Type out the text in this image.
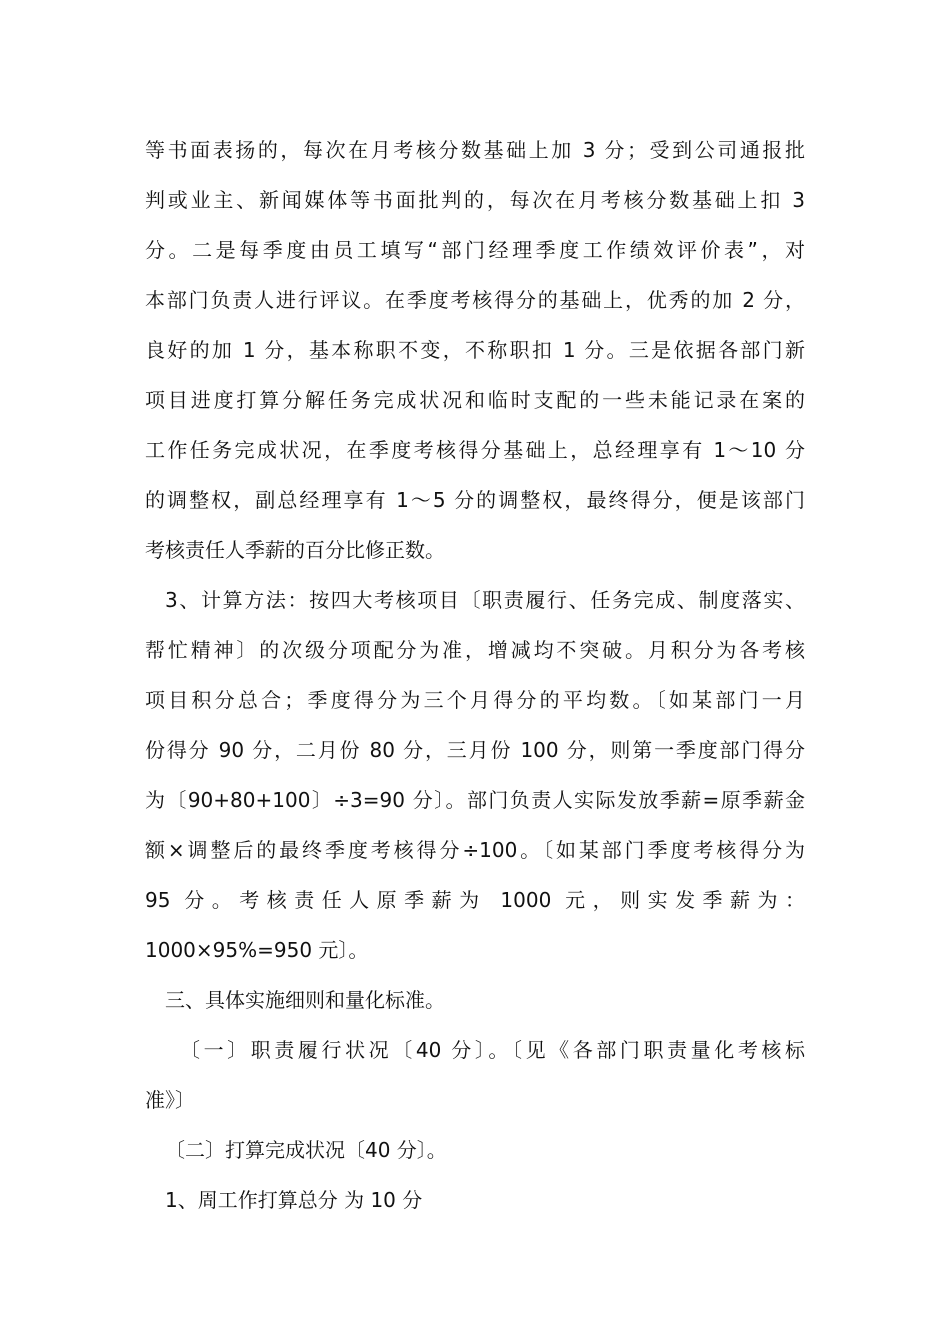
等书面表扬的，每次在月考核分数基础上加 3 分；受到公司通报批
判或业主、新闻媒体等书面批判的，每次在月考核分数基础上扣 3
分。二是每季度由员工填写“部门经理季度工作绩效评价表”，对
本部门负责人进行评议。在季度考核得分的基础上，优秀的加 2 分，
良好的加 1 分，基本称职不变，不称职扣 1 分。三是依据各部门新
项目进度打算分解任务完成状况和临时支配的一些未能记录在案的
工作任务完成状况，在季度考核得分基础上，总经理享有 1～10 分
的调整权，副总经理享有 1～5 分的调整权，最终得分，便是该部门
考核责任人季薪的百分比修正数。
3、计算方法：按四大考核项目〔职责履行、任务完成、制度落实、
帮忙精神〕的次级分项配分为准，增减均不突破。月积分为各考核
项目积分总合；季度得分为三个月得分的平均数。〔如某部门一月
份得分 90 分，二月份 80 分，三月份 100 分，则第一季度部门得分
为〔90+80+100〕÷3=90 分〕。部门负责人实际发放季薪=原季薪金
额×调整后的最终季度考核得分÷100。〔如某部门季度考核得分为
95 分。考核责任人原季薪为 1000 元，则实发季薪为：
1000×95%=950 元〕。
三、具体实施细则和量化标准。
〔一〕职责履行状况〔40 分〕。〔见《各部门职责量化考核标
准》〕
〔二〕打算完成状况〔40 分〕。
1、周工作打算总分 为 10 分
